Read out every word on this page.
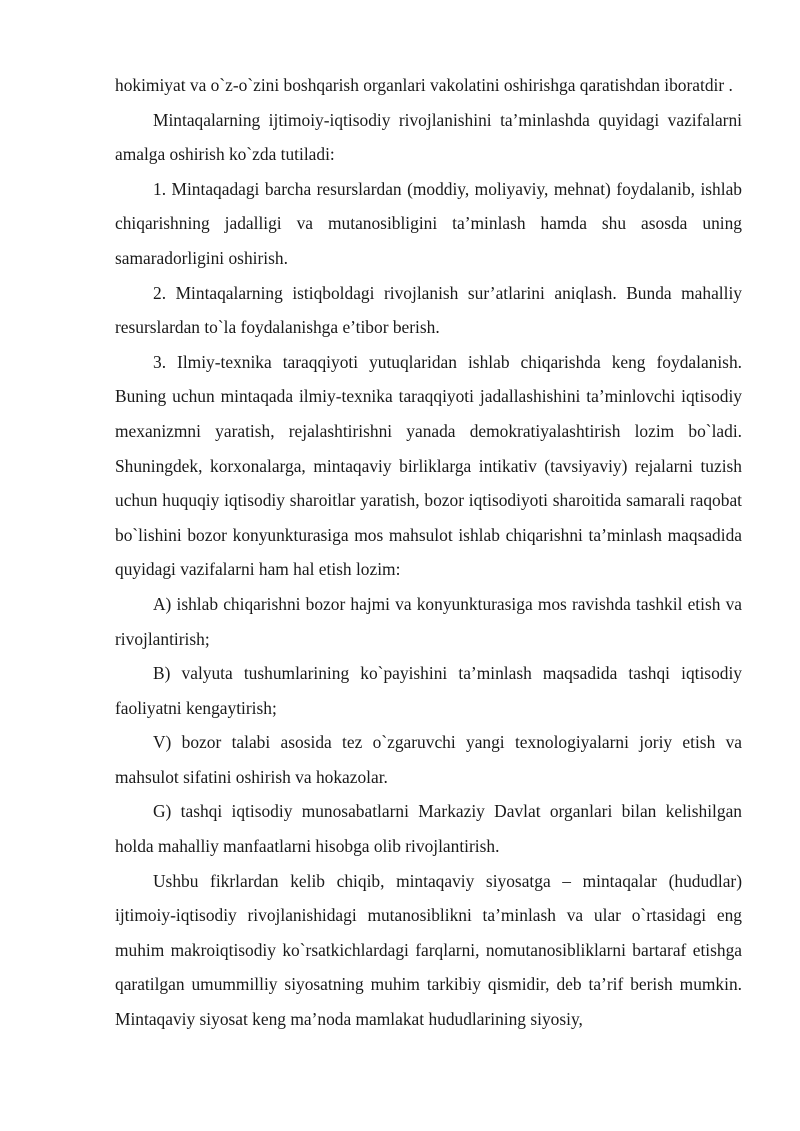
hokimiyat va o`z-o`zini boshqarish organlari vakolatini oshirishga qaratishdan iboratdir .

Mintaqalarning ijtimoiy-iqtisodiy rivojlanishini ta’minlashda quyidagi vazifalarni amalga oshirish ko`zda tutiladi:

1. Mintaqadagi barcha resurslardan (moddiy, moliyaviy, mehnat) foydalanib, ishlab chiqarishning jadalligi va mutanosibligini ta’minlash hamda shu asosda uning samaradorligini oshirish.

2. Mintaqalarning istiqboldagi rivojlanish sur’atlarini aniqlash. Bunda mahalliy resurslardan to`la foydalanishga e’tibor berish.

3. Ilmiy-texnika taraqqiyoti yutuqlaridan ishlab chiqarishda keng foydalanish. Buning uchun mintaqada ilmiy-texnika taraqqiyoti jadallashishini ta’minlovchi iqtisodiy mexanizmni yaratish, rejalashtirishni yanada demokratiyalashtirish lozim bo`ladi. Shuningdek, korxonalarga, mintaqaviy birliklarga intikativ (tavsiyaviy) rejalarni tuzish uchun huquqiy iqtisodiy sharoitlar yaratish, bozor iqtisodiyoti sharoitida samarali raqobat bo`lishini bozor konyunkturasiga mos mahsulot ishlab chiqarishni ta’minlash maqsadida quyidagi vazifalarni ham hal etish lozim:

A) ishlab chiqarishni bozor hajmi va konyunkturasiga mos ravishda tashkil etish va rivojlantirish;

B) valyuta tushumlarining ko`payishini ta’minlash maqsadida tashqi iqtisodiy faoliyatni kengaytirish;

V) bozor talabi asosida tez o`zgaruvchi yangi texnologiyalarni joriy etish va mahsulot sifatini oshirish va hokazolar.

G) tashqi iqtisodiy munosabatlarni Markaziy Davlat organlari bilan kelishilgan holda mahalliy manfaatlarni hisobga olib rivojlantirish.

Ushbu fikrlardan kelib chiqib, mintaqaviy siyosatga – mintaqalar (hududlar) ijtimoiy-iqtisodiy rivojlanishidagi mutanosiblikni ta’minlash va ular o`rtasidagi eng muhim makroiqtisodiy ko`rsatkichlardagi farqlarni, nomutanosibliklarni bartaraf etishga qaratilgan umummilliy siyosatning muhim tarkibiy qismidir, deb ta’rif berish mumkin. Mintaqaviy siyosat keng ma’noda mamlakat hududlarining siyosiy,
